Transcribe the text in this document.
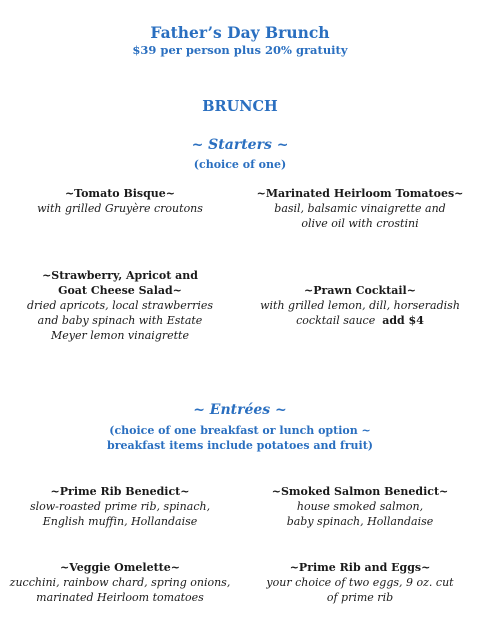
Father’s Day Brunch
$39 per person plus 20% gratuity
BRUNCH
~ Starters ~
(choice of one)
~Tomato Bisque~
with grilled Gruyère croutons
~Marinated Heirloom Tomatoes~
basil, balsamic vinaigrette and
olive oil with crostini
~Strawberry, Apricot and
Goat Cheese Salad~
dried apricots, local strawberries
and baby spinach with Estate
Meyer lemon vinaigrette
~Prawn Cocktail~
with grilled lemon, dill, horseradish
cocktail sauce add $4
~ Entrées ~
(choice of one breakfast or lunch option ~
breakfast items include potatoes and fruit)
~Prime Rib Benedict~
slow-roasted prime rib, spinach,
English muffin, Hollandaise
~Smoked Salmon Benedict~
house smoked salmon,
baby spinach, Hollandaise
~Veggie Omelette~
zucchini, rainbow chard, spring onions,
marinated Heirloom tomatoes
~Prime Rib and Eggs~
your choice of two eggs, 9 oz. cut
of prime rib
